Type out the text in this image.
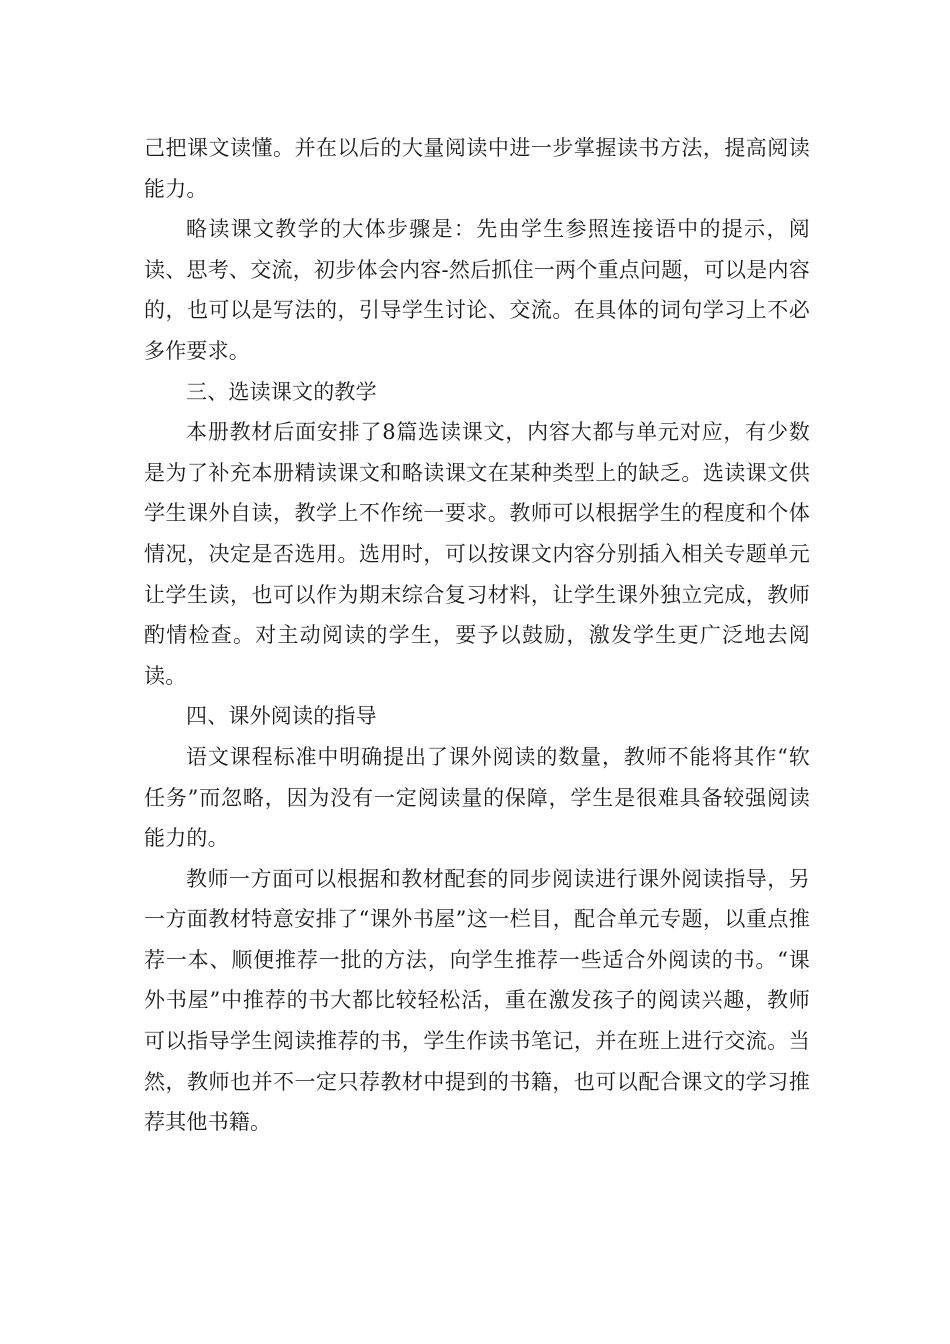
己把课文读懂。并在以后的大量阅读中进一步掌握读书方法，提高阅读能力。

略读课文教学的大体步骤是：先由学生参照连接语中的提示，阅读、思考、交流，初步体会内容-然后抓住一两个重点问题，可以是内容的，也可以是写法的，引导学生讨论、交流。在具体的词句学习上不必多作要求。

三、选读课文的教学

本册教材后面安排了8篇选读课文，内容大都与单元对应，有少数是为了补充本册精读课文和略读课文在某种类型上的缺乏。选读课文供学生课外自读，教学上不作统一要求。教师可以根据学生的程度和个体情况，决定是否选用。选用时，可以按课文内容分别插入相关专题单元让学生读，也可以作为期末综合复习材料，让学生课外独立完成，教师酌情检查。对主动阅读的学生，要予以鼓励，激发学生更广泛地去阅读。

四、课外阅读的指导

语文课程标准中明确提出了课外阅读的数量，教师不能将其作“软任务”而忽略，因为没有一定阅读量的保障，学生是很难具备较强阅读能力的。

教师一方面可以根据和教材配套的同步阅读进行课外阅读指导，另一方面教材特意安排了“课外书屋”这一栏目，配合单元专题，以重点推荐一本、顺便推荐一批的方法，向学生推荐一些适合外阅读的书。“课外书屋”中推荐的书大都比较轻松活，重在激发孩子的阅读兴趣，教师可以指导学生阅读推荐的书，学生作读书笔记，并在班上进行交流。当然，教师也并不一定只荐教材中提到的书籍，也可以配合课文的学习推荐其他书籍。
